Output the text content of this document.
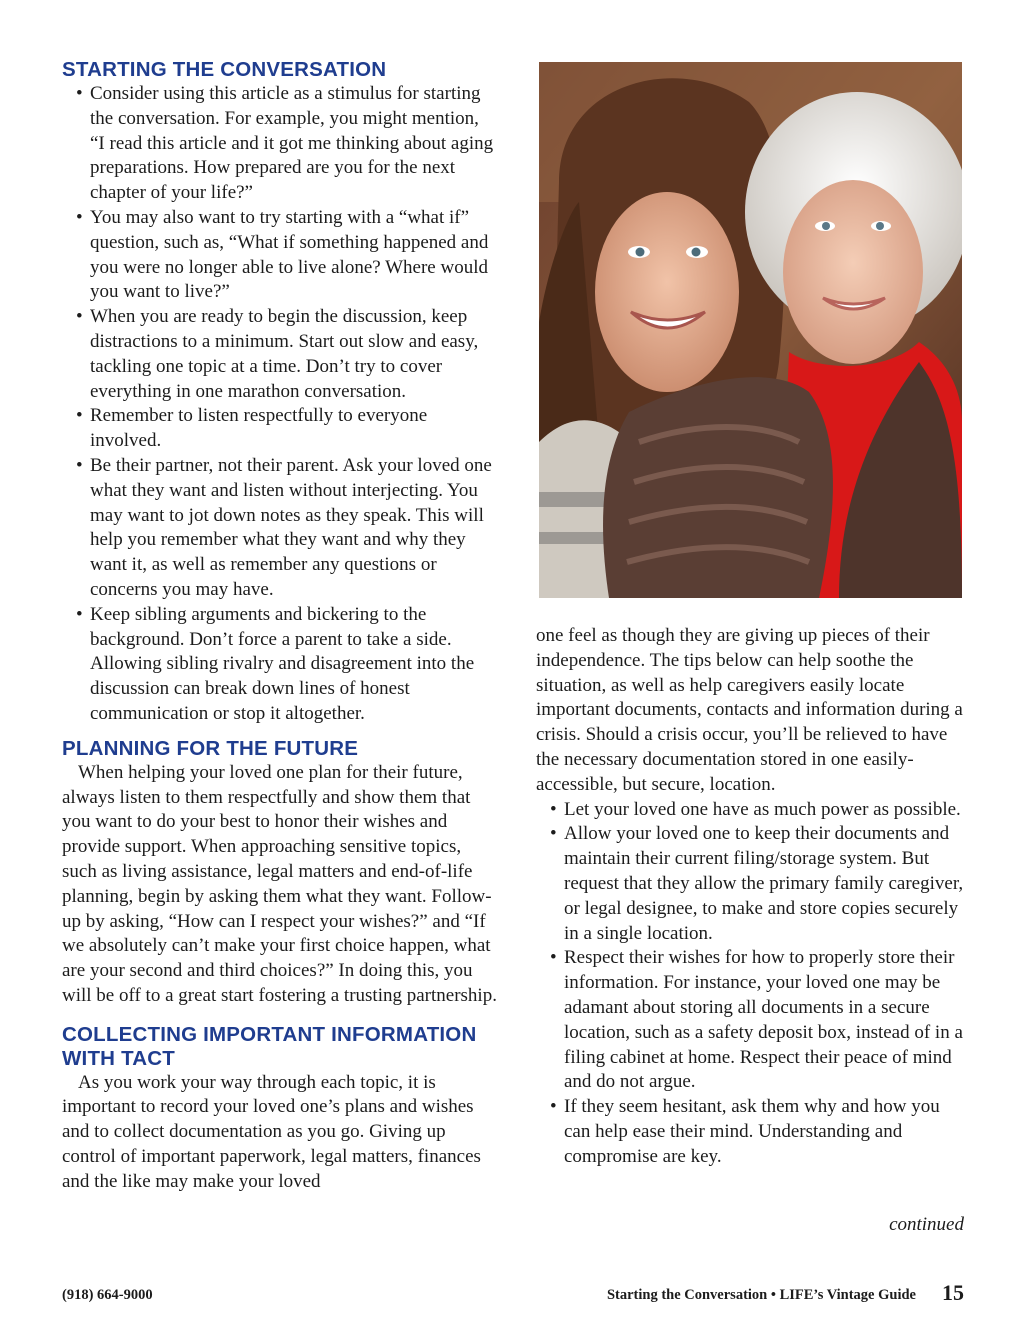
STARTING THE CONVERSATION
• Consider using this article as a stimulus for starting the conversation. For example, you might mention, “I read this article and it got me thinking about aging preparations. How prepared are you for the next chapter of your life?”
• You may also want to try starting with a “what if” question, such as, “What if something happened and you were no longer able to live alone? Where would you want to live?”
• When you are ready to begin the discussion, keep distractions to a minimum. Start out slow and easy, tackling one topic at a time. Don’t try to cover everything in one marathon conversation.
• Remember to listen respectfully to everyone involved.
• Be their partner, not their parent. Ask your loved one what they want and listen without interjecting. You may want to jot down notes as they speak. This will help you remember what they want and why they want it, as well as remember any questions or concerns you may have.
• Keep sibling arguments and bickering to the background. Don’t force a parent to take a side. Allowing sibling rivalry and disagreement into the discussion can break down lines of honest communication or stop it altogether.
PLANNING FOR THE FUTURE

When helping your loved one plan for their future, always listen to them respectfully and show them that you want to do your best to honor their wishes and provide support. When approaching sensitive topics, such as living assistance, legal matters and end-of-life planning, begin by asking them what they want. Follow-up by asking, “How can I respect your wishes?” and “If we absolutely can’t make your first choice happen, what are your second and third choices?” In doing this, you will be off to a great start fostering a trusting partnership.

COLLECTING IMPORTANT INFORMATION WITH TACT

As you work your way through each topic, it is important to record your loved one’s plans and wishes and to collect documentation as you go. Giving up control of important paperwork, legal matters, finances and the like may make your loved

one feel as though they are giving up pieces of their independence. The tips below can help soothe the situation, as well as help caregivers easily locate important documents, contacts and information during a crisis. Should a crisis occur, you’ll be relieved to have the necessary documentation stored in one easily-accessible, but secure, location.

• Let your loved one have as much power as possible.
• Allow your loved one to keep their documents and maintain their current filing/storage system. But request that they allow the primary family caregiver, or legal designee, to make and store copies securely in a single location.
• Respect their wishes for how to properly store their information. For instance, your loved one may be adamant about storing all documents in a secure location, such as a safety deposit box, instead of in a filing cabinet at home. Respect their peace of mind and do not argue.
• If they seem hesitant, ask them why and how you can help ease their mind. Understanding and compromise are key.
continued
(918) 664-9000	Starting the Conversation • LIFE’s Vintage Guide	15
